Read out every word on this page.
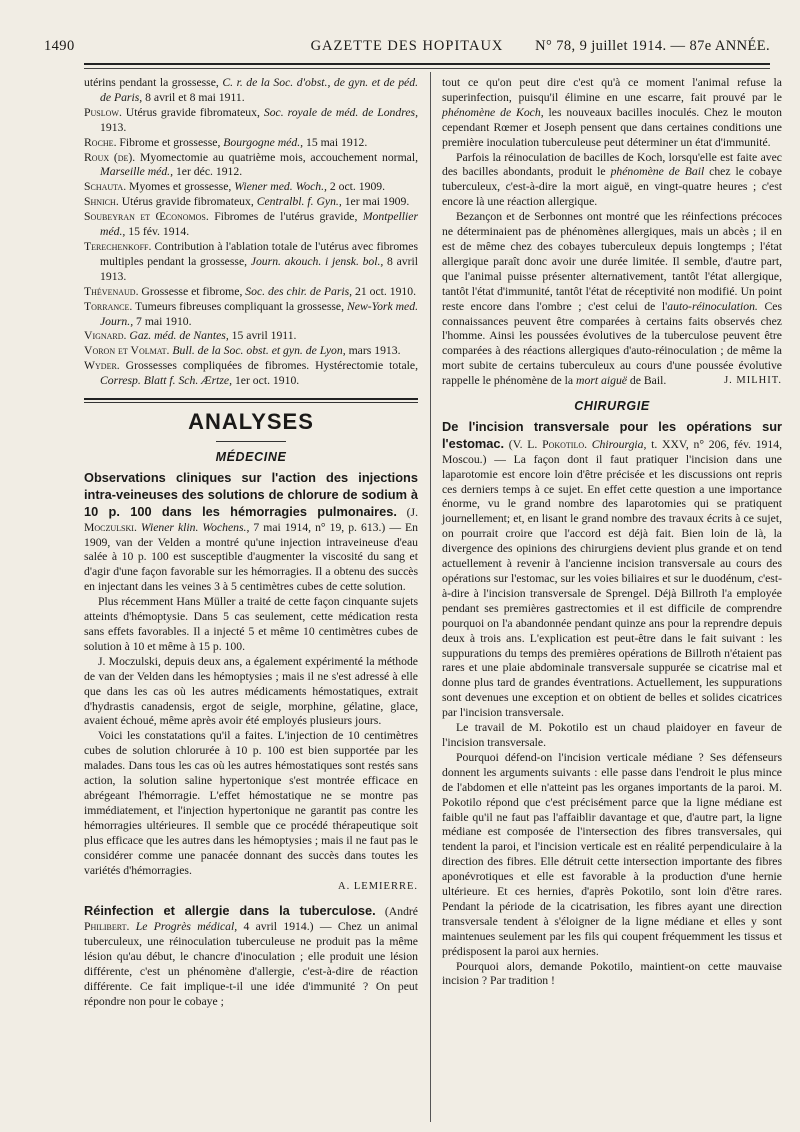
1490	GAZETTE DES HOPITAUX	N° 78, 9 juillet 1914. — 87e ANNÉE.
utérins pendant la grossesse, C. r. de la Soc. d'obst., de gyn. et de péd. de Paris, 8 avril et 8 mai 1911.
Puslow. Utérus gravide fibromateux, Soc. royale de méd. de Londres, 1913.
Roche. Fibrome et grossesse, Bourgogne méd., 15 mai 1912.
Roux (de). Myomectomie au quatrième mois, accouchement normal, Marseille méd., 1er déc. 1912.
Schauta. Myomes et grossesse, Wiener med. Woch., 2 oct. 1909.
Shnich. Utérus gravide fibromateux, Centralbl. f. Gyn., 1er mai 1909.
Soubeyran et Œconomos. Fibromes de l'utérus gravide, Montpellier méd., 15 fév. 1914.
Terechenkoff. Contribution à l'ablation totale de l'utérus avec fibromes multiples pendant la grossesse, Journ. akouch. i jensk. bol., 8 avril 1913.
Thévenaud. Grossesse et fibrome, Soc. des chir. de Paris, 21 oct. 1910.
Torrance. Tumeurs fibreuses compliquant la grossesse, New-York med. Journ., 7 mai 1910.
Vignard. Gaz. méd. de Nantes, 15 avril 1911.
Voron et Volmat. Bull. de la Soc. obst. et gyn. de Lyon, mars 1913.
Wyder. Grossesses compliquées de fibromes. Hystérectomie totale, Corresp. Blatt f. Sch. Ærtze, 1er oct. 1910.
ANALYSES
MÉDECINE

Observations cliniques sur l'action des injections intra-veineuses des solutions de chlorure de sodium à 10 p. 100 dans les hémorragies pulmonaires. (J. Moczulski. Wiener klin. Wochens., 7 mai 1914, n° 19, p. 613.) — En 1909, van der Velden a montré qu'une injection intraveineuse d'eau salée à 10 p. 100 est susceptible d'augmenter la viscosité du sang et d'agir d'une façon favorable sur les hémorragies. Il a obtenu des succès en injectant dans les veines 3 à 5 centimètres cubes de cette solution.

Plus récemment Hans Müller a traité de cette façon cinquante sujets atteints d'hémoptysie. Dans 5 cas seulement, cette médication resta sans effets favorables. Il a injecté 5 et même 10 centimètres cubes de solution à 10 et même à 15 p. 100.

J. Moczulski, depuis deux ans, a également expérimenté la méthode de van der Velden dans les hémoptysies ; mais il ne s'est adressé à elle que dans les cas où les autres médicaments hémostatiques, extrait d'hydrastis canadensis, ergot de seigle, morphine, gélatine, glace, avaient échoué, même après avoir été employés plusieurs jours.

Voici les constatations qu'il a faites. L'injection de 10 centimètres cubes de solution chlorurée à 10 p. 100 est bien supportée par les malades. Dans tous les cas où les autres hémostatiques sont restés sans action, la solution saline hypertonique s'est montrée efficace en abrégeant l'hémorragie. L'effet hémostatique ne se montre pas immédiatement, et l'injection hypertonique ne garantit pas contre les hémorragies ultérieures. Il semble que ce procédé thérapeutique soit plus efficace que les autres dans les hémoptysies ; mais il ne faut pas le considérer comme une panacée donnant des succès dans toutes les variétés d'hémorragies.

A. LEMIERRE.

Réinfection et allergie dans la tuberculose. (André Philibert. Le Progrès médical, 4 avril 1914.) — Chez un animal tuberculeux, une réinoculation tuberculeuse ne produit pas la même lésion qu'au début, le chancre d'inoculation ; elle produit une lésion différente, c'est un phénomène d'allergie, c'est-à-dire de réaction différente. Ce fait implique-t-il une idée d'immunité ? On peut répondre non pour le cobaye ;

tout ce qu'on peut dire c'est qu'à ce moment l'animal refuse la superinfection, puisqu'il élimine en une escarre, fait prouvé par le phénomène de Koch, les nouveaux bacilles inoculés. Chez le mouton cependant Rœmer et Joseph pensent que dans certaines conditions une première inoculation tuberculeuse peut déterminer un état d'immunité.

Parfois la réinoculation de bacilles de Koch, lorsqu'elle est faite avec des bacilles abondants, produit le phénomène de Bail chez le cobaye tuberculeux, c'est-à-dire la mort aiguë, en vingt-quatre heures ; c'est encore là une réaction allergique.

Bezançon et de Serbonnes ont montré que les réinfections précoces ne déterminaient pas de phénomènes allergiques, mais un abcès ; il en est de même chez des cobayes tuberculeux depuis longtemps ; l'état allergique paraît donc avoir une durée limitée. Il semble, d'autre part, que l'animal puisse présenter alternativement, tantôt l'état allergique, tantôt l'état d'immunité, tantôt l'état de réceptivité non modifié. Un point reste encore dans l'ombre ; c'est celui de l'auto-réinoculation. Ces connaissances peuvent être comparées à certains faits observés chez l'homme. Ainsi les poussées évolutives de la tuberculose peuvent être comparées à des réactions allergiques d'auto-réinoculation ; de même la mort subite de certains tuberculeux au cours d'une poussée évolutive rappelle le phénomène de la mort aiguë de Bail.	J. MILHIT.

CHIRURGIE

De l'incision transversale pour les opérations sur l'estomac. (V. L. Pokotilo. Chirourgia, t. XXV, n° 206, fév. 1914, Moscou.) — La façon dont il faut pratiquer l'incision dans une laparotomie est encore loin d'être précisée et les discussions ont repris ces derniers temps à ce sujet. En effet cette question a une importance énorme, vu le grand nombre des laparotomies qui se pratiquent journellement; et, en lisant le grand nombre des travaux écrits à ce sujet, on pourrait croire que l'accord est déjà fait. Bien loin de là, la divergence des opinions des chirurgiens devient plus grande et on tend actuellement à revenir à l'ancienne incision transversale au cours des opérations sur l'estomac, sur les voies biliaires et sur le duodénum, c'est-à-dire à l'incision transversale de Sprengel. Déjà Billroth l'a employée pendant ses premières gastrectomies et il est difficile de comprendre pourquoi on l'a abandonnée pendant quinze ans pour la reprendre depuis deux à trois ans. L'explication est peut-être dans le fait suivant : les suppurations du temps des premières opérations de Billroth n'étaient pas rares et une plaie abdominale transversale suppurée se cicatrise mal et donne plus tard de grandes éventrations. Actuellement, les suppurations sont devenues une exception et on obtient de belles et solides cicatrices par l'incision transversale.

Le travail de M. Pokotilo est un chaud plaidoyer en faveur de l'incision transversale.

Pourquoi défend-on l'incision verticale médiane ? Ses défenseurs donnent les arguments suivants : elle passe dans l'endroit le plus mince de l'abdomen et elle n'atteint pas les organes importants de la paroi. M. Pokotilo répond que c'est précisément parce que la ligne médiane est faible qu'il ne faut pas l'affaiblir davantage et que, d'autre part, la ligne médiane est composée de l'intersection des fibres transversales, qui tendent la paroi, et l'incision verticale est en réalité perpendiculaire à la direction des fibres. Elle détruit cette intersection importante des fibres aponévrotiques et elle est favorable à la production d'une hernie ultérieure. Et ces hernies, d'après Pokotilo, sont loin d'être rares. Pendant la période de la cicatrisation, les fibres ayant une direction transversale tendent à s'éloigner de la ligne médiane et elles y sont maintenues seulement par les fils qui coupent fréquemment les tissus et prédisposent la paroi aux hernies.

Pourquoi alors, demande Pokotilo, maintient-on cette mauvaise incision ? Par tradition !
